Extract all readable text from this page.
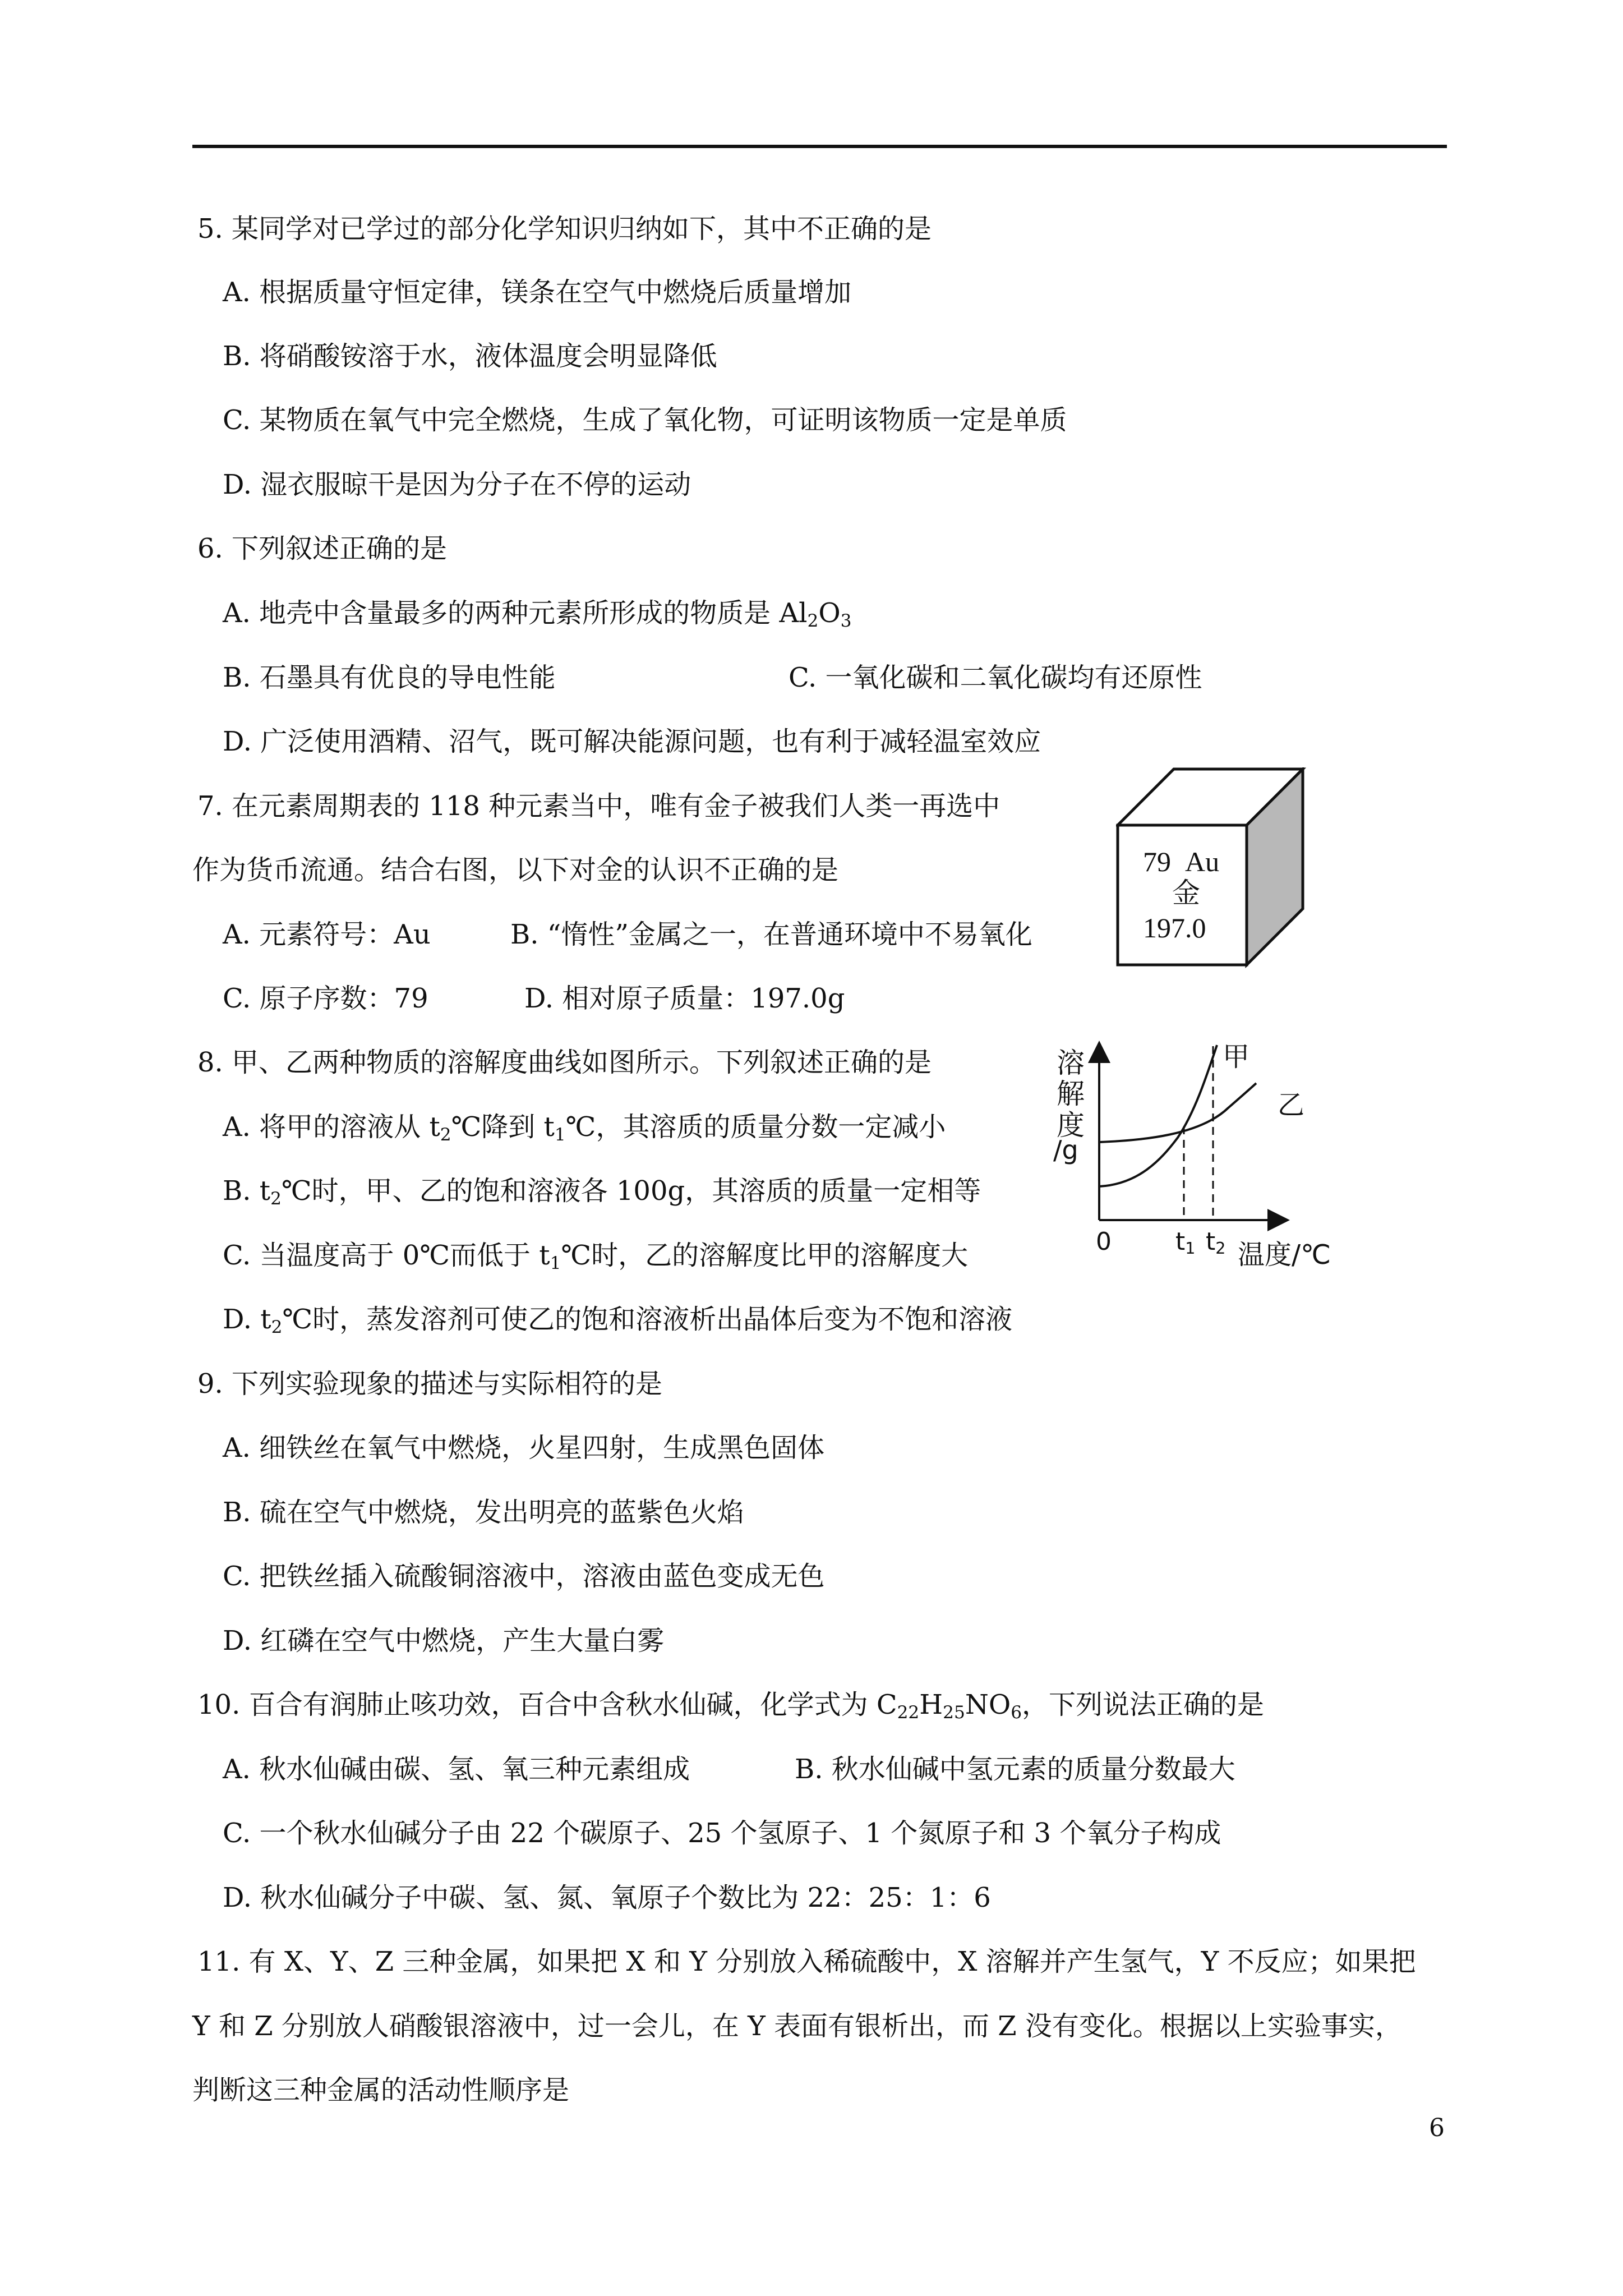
5. 某同学对已学过的部分化学知识归纳如下，其中不正确的是
A. 根据质量守恒定律，镁条在空气中燃烧后质量增加
B. 将硝酸铵溶于水，液体温度会明显降低
C. 某物质在氧气中完全燃烧，生成了氧化物，可证明该物质一定是单质
D. 湿衣服晾干是因为分子在不停的运动
6. 下列叙述正确的是
A. 地壳中含量最多的两种元素所形成的物质是 $Al_2O_3$
B. 石墨具有优良的导电性能	C. 一氧化碳和二氧化碳均有还原性
D. 广泛使用酒精、沼气，既可解决能源问题，也有利于减轻温室效应
7. 在元素周期表的 118 种元素当中，唯有金子被我们人类一再选中
作为货币流通。结合右图，以下对金的认识不正确的是
A. 元素符号：Au	B. “惰性”金属之一，在普通环境中不易氧化
C. 原子序数：79	D. 相对原子质量：197.0g
79 Au
金
197.0
8. 甲、乙两种物质的溶解度曲线如图所示。下列叙述正确的是
A. 将甲的溶液从 $t_2℃$降到 $t_1℃$，其溶质的质量分数一定减小
B. $t_2℃$时，甲、乙的饱和溶液各 100g，其溶质的质量一定相等
C. 当温度高于 0℃而低于 $t_1℃$时，乙的溶解度比甲的溶解度大
D. $t_2℃$时，蒸发溶剂可使乙的饱和溶液析出晶体后变为不饱和溶液
溶
解
度
/g
0	$t_1$ $t_2$ 温度/℃
甲
乙
9. 下列实验现象的描述与实际相符的是
A. 细铁丝在氧气中燃烧，火星四射，生成黑色固体
B. 硫在空气中燃烧，发出明亮的蓝紫色火焰
C. 把铁丝插入硫酸铜溶液中，溶液由蓝色变成无色
D. 红磷在空气中燃烧，产生大量白雾
10. 百合有润肺止咳功效，百合中含秋水仙碱，化学式为 $C_{22}H_{25}NO_6$，下列说法正确的是
A. 秋水仙碱由碳、氢、氧三种元素组成	B. 秋水仙碱中氢元素的质量分数最大
C. 一个秋水仙碱分子由 22 个碳原子、25 个氢原子、1 个氮原子和 3 个氧分子构成
D. 秋水仙碱分子中碳、氢、氮、氧原子个数比为 22：25：1：6
11. 有 X、Y、Z 三种金属，如果把 X 和 Y 分别放入稀硫酸中，X 溶解并产生氢气，Y 不反应；如果把
Y 和 Z 分别放人硝酸银溶液中，过一会儿，在 Y 表面有银析出，而 Z 没有变化。根据以上实验事实，
判断这三种金属的活动性顺序是
6
